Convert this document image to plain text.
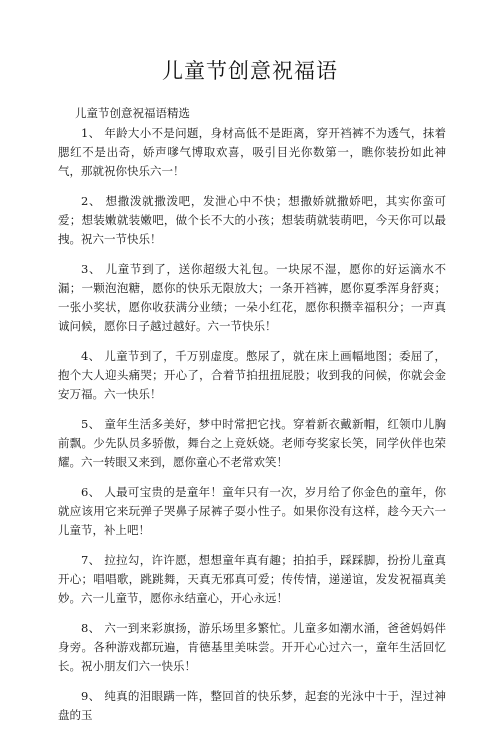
儿童节创意祝福语
儿童节创意祝福语精选

1、 年龄大小不是问题，身材高低不是距离，穿开裆裤不为透气，抹着腮红不是出奇，娇声嗲气博取欢喜，吸引目光你数第一，瞧你装扮如此神气，那就祝你快乐六一！

2、 想撒泼就撒泼吧，发泄心中不快；想撒娇就撒娇吧，其实你蛮可爱；想装嫩就装嫩吧，做个长不大的小孩；想装萌就装萌吧，今天你可以最拽。祝六一节快乐！

3、 儿童节到了，送你超级大礼包。一块尿不湿，愿你的好运滴水不漏；一颗泡泡糖，愿你的快乐无限放大；一条开裆裤，愿你夏季浑身舒爽；一张小奖状，愿你收获满分业绩；一朵小红花，愿你积攒幸福积分；一声真诚问候，愿你日子越过越好。六一节快乐！

4、 儿童节到了，千万别虚度。憋尿了，就在床上画幅地图；委屈了，抱个大人迎头痛哭；开心了，合着节拍扭扭屁股；收到我的问候，你就会金安万福。六一快乐！

5、 童年生活多美好，梦中时常把它找。穿着新衣戴新帽，红领巾儿胸前飘。少先队员多骄傲，舞台之上竞妖娆。老师夸奖家长笑，同学伙伴也荣耀。六一转眼又来到，愿你童心不老常欢笑！

6、 人最可宝贵的是童年！童年只有一次，岁月给了你金色的童年，你就应该用它来玩弹子哭鼻子尿裤子耍小性子。如果你没有这样，趁今天六一儿童节，补上吧！

7、 拉拉勾，许许愿，想想童年真有趣；拍拍手，踩踩脚，扮扮儿童真开心；唱唱歌，跳跳舞，天真无邪真可爱；传传情，递递谊，发发祝福真美妙。六一儿童节，愿你永结童心，开心永远！

8、 六一到来彩旗扬，游乐场里多繁忙。儿童多如潮水涌，爸爸妈妈伴身旁。各种游戏都玩遍，肯德基里美味尝。开开心心过六一，童年生活回忆长。祝小朋友们六一快乐！

9、 纯真的泪眼蹒一阵，整回首的快乐梦，起套的光泳中十于，涅过神盘的玉
